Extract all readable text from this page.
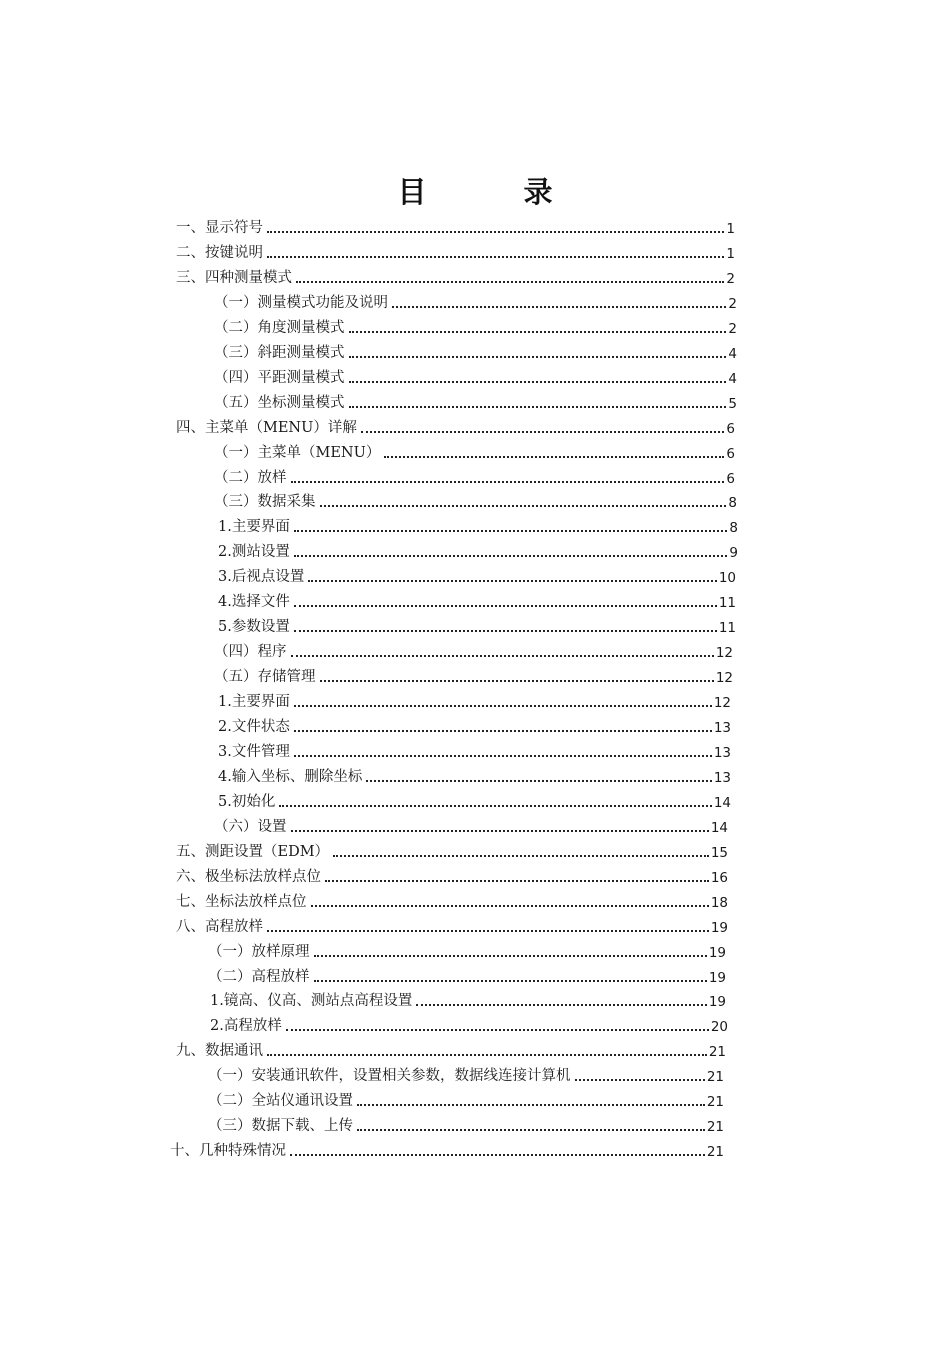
目　录
一、显示符号	1
二、按键说明	1
三、四种测量模式	2
（一）测量模式功能及说明	2
（二）角度测量模式	2
（三）斜距测量模式	4
（四）平距测量模式	4
（五）坐标测量模式	5
四、主菜单（MENU）详解	6
（一）主菜单（MENU）	6
（二）放样	6
（三）数据采集	8
1.主要界面	8
2.测站设置	9
3.后视点设置	10
4.选择文件	11
5.参数设置	11
（四）程序	12
（五）存储管理	12
1.主要界面	12
2.文件状态	13
3.文件管理	13
4.输入坐标、删除坐标	13
5.初始化	14
（六）设置	14
五、测距设置（EDM）	15
六、极坐标法放样点位	16
七、坐标法放样点位	18
八、高程放样	19
（一）放样原理	19
（二）高程放样	19
1.镜高、仪高、测站点高程设置	19
2.高程放样	20
九、数据通讯	21
（一）安装通讯软件，设置相关参数，数据线连接计算机	21
（二）全站仪通讯设置	21
（三）数据下载、上传	21
十、几种特殊情况	21
